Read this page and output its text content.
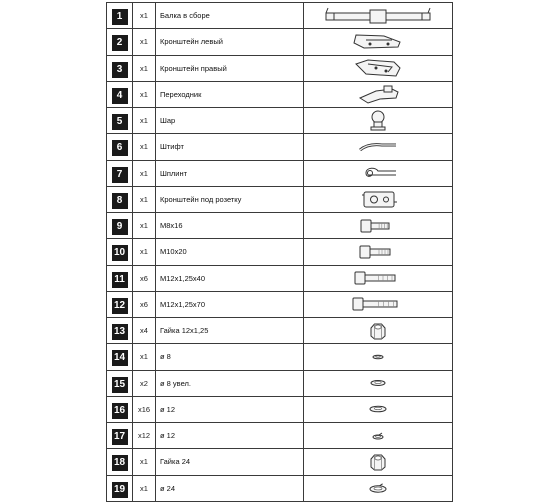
1	x1	Балка в сборе	

2	x1	Кронштейн левый	

3	x1	Кронштейн правый	

4	x1	Переходник	

5	x1	Шар	

6	x1	Штифт	

7	x1	Шплинт	

8	x1	Кронштейн под розетку	

9	x1	M8x16	

10	x1	M10x20	

11	x6	M12x1,25x40	

12	x6	M12x1,25x70	

13	x4	Гайка 12x1,25	

14	x1	ø 8	

15	x2	ø 8 увел.	

16	x16	ø 12	

17	x12	ø 12	

18	x1	Гайка 24	

19	x1	ø 24	
